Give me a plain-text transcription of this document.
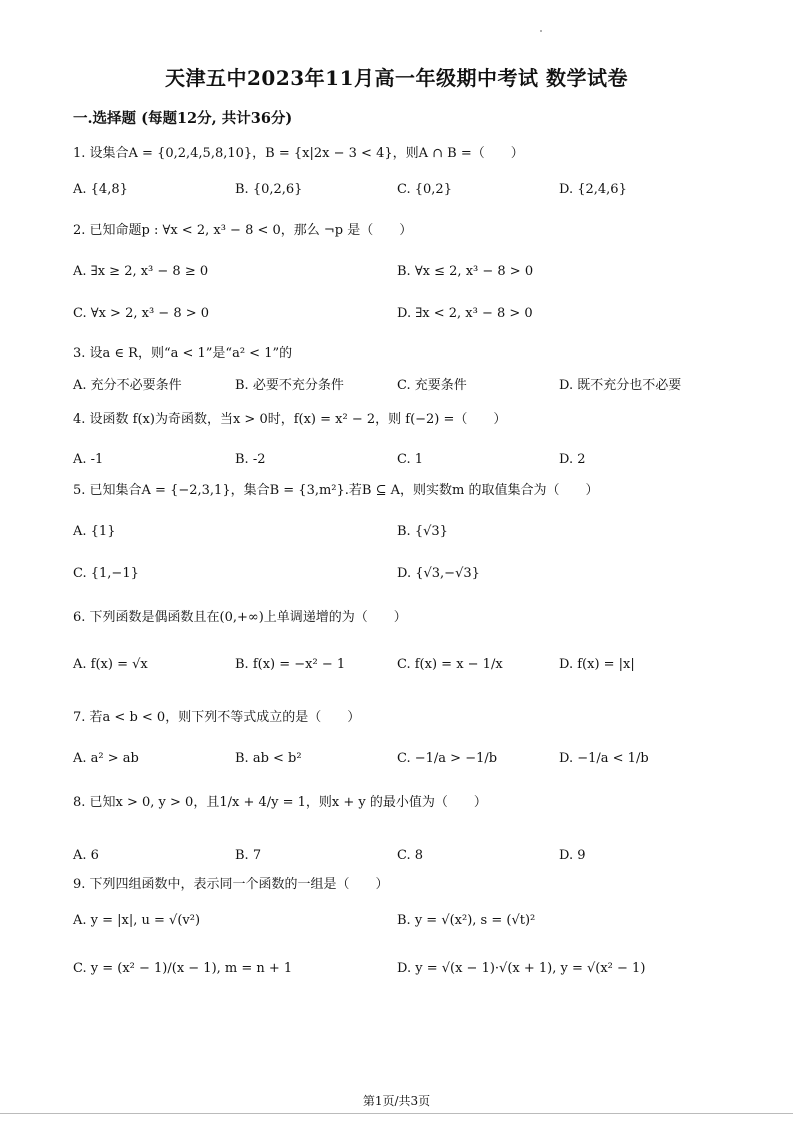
天津五中2023年11月高一年级期中考试 数学试卷
一.选择题 (每题12分, 共计36分)
1. 设集合A = {0,2,4,5,8,10}，B = {x|2x − 3 < 4}，则A ∩ B =（　　）
A. {4,8}	B. {0,2,6}	C. {0,2}	D. {2,4,6}
2. 已知命题p : ∀x < 2, x³ − 8 < 0，那么 ¬p 是（　　）
A. ∃x ≥ 2, x³ − 8 ≥ 0	B. ∀x ≤ 2, x³ − 8 > 0
C. ∀x > 2, x³ − 8 > 0	D. ∃x < 2, x³ − 8 > 0
3. 设a ∈ R，则“a < 1”是“a² < 1”的
A. 充分不必要条件	B. 必要不充分条件	C. 充要条件	D. 既不充分也不必要
4. 设函数 f(x)为奇函数，当x > 0时，f(x) = x² − 2，则 f(−2) =（　　）
A. -1	B. -2	C. 1	D. 2
5. 已知集合A = {−2,3,1}，集合B = {3,m²}.若B ⊆ A，则实数m 的取值集合为（　　）
A. {1}	B. {√3}
C. {1,−1}	D. {√3,−√3}
6. 下列函数是偶函数且在(0,+∞)上单调递增的为（　　）
A. f(x) = √x	B. f(x) = −x² − 1	C. f(x) = x − 1/x	D. f(x) = |x|
7. 若a < b < 0，则下列不等式成立的是（　　）
A. a² > ab	B. ab < b²	C. −1/a > −1/b	D. −1/a < 1/b
8. 已知x > 0, y > 0，且1/x + 4/y = 1，则x + y 的最小值为（　　）
A. 6	B. 7	C. 8	D. 9
9. 下列四组函数中，表示同一个函数的一组是（　　）
A. y = |x|, u = √(v²)	B. y = √(x²), s = (√t)²
C. y = (x² − 1)/(x − 1), m = n + 1	D. y = √(x − 1)·√(x + 1), y = √(x² − 1)
第1页/共3页
